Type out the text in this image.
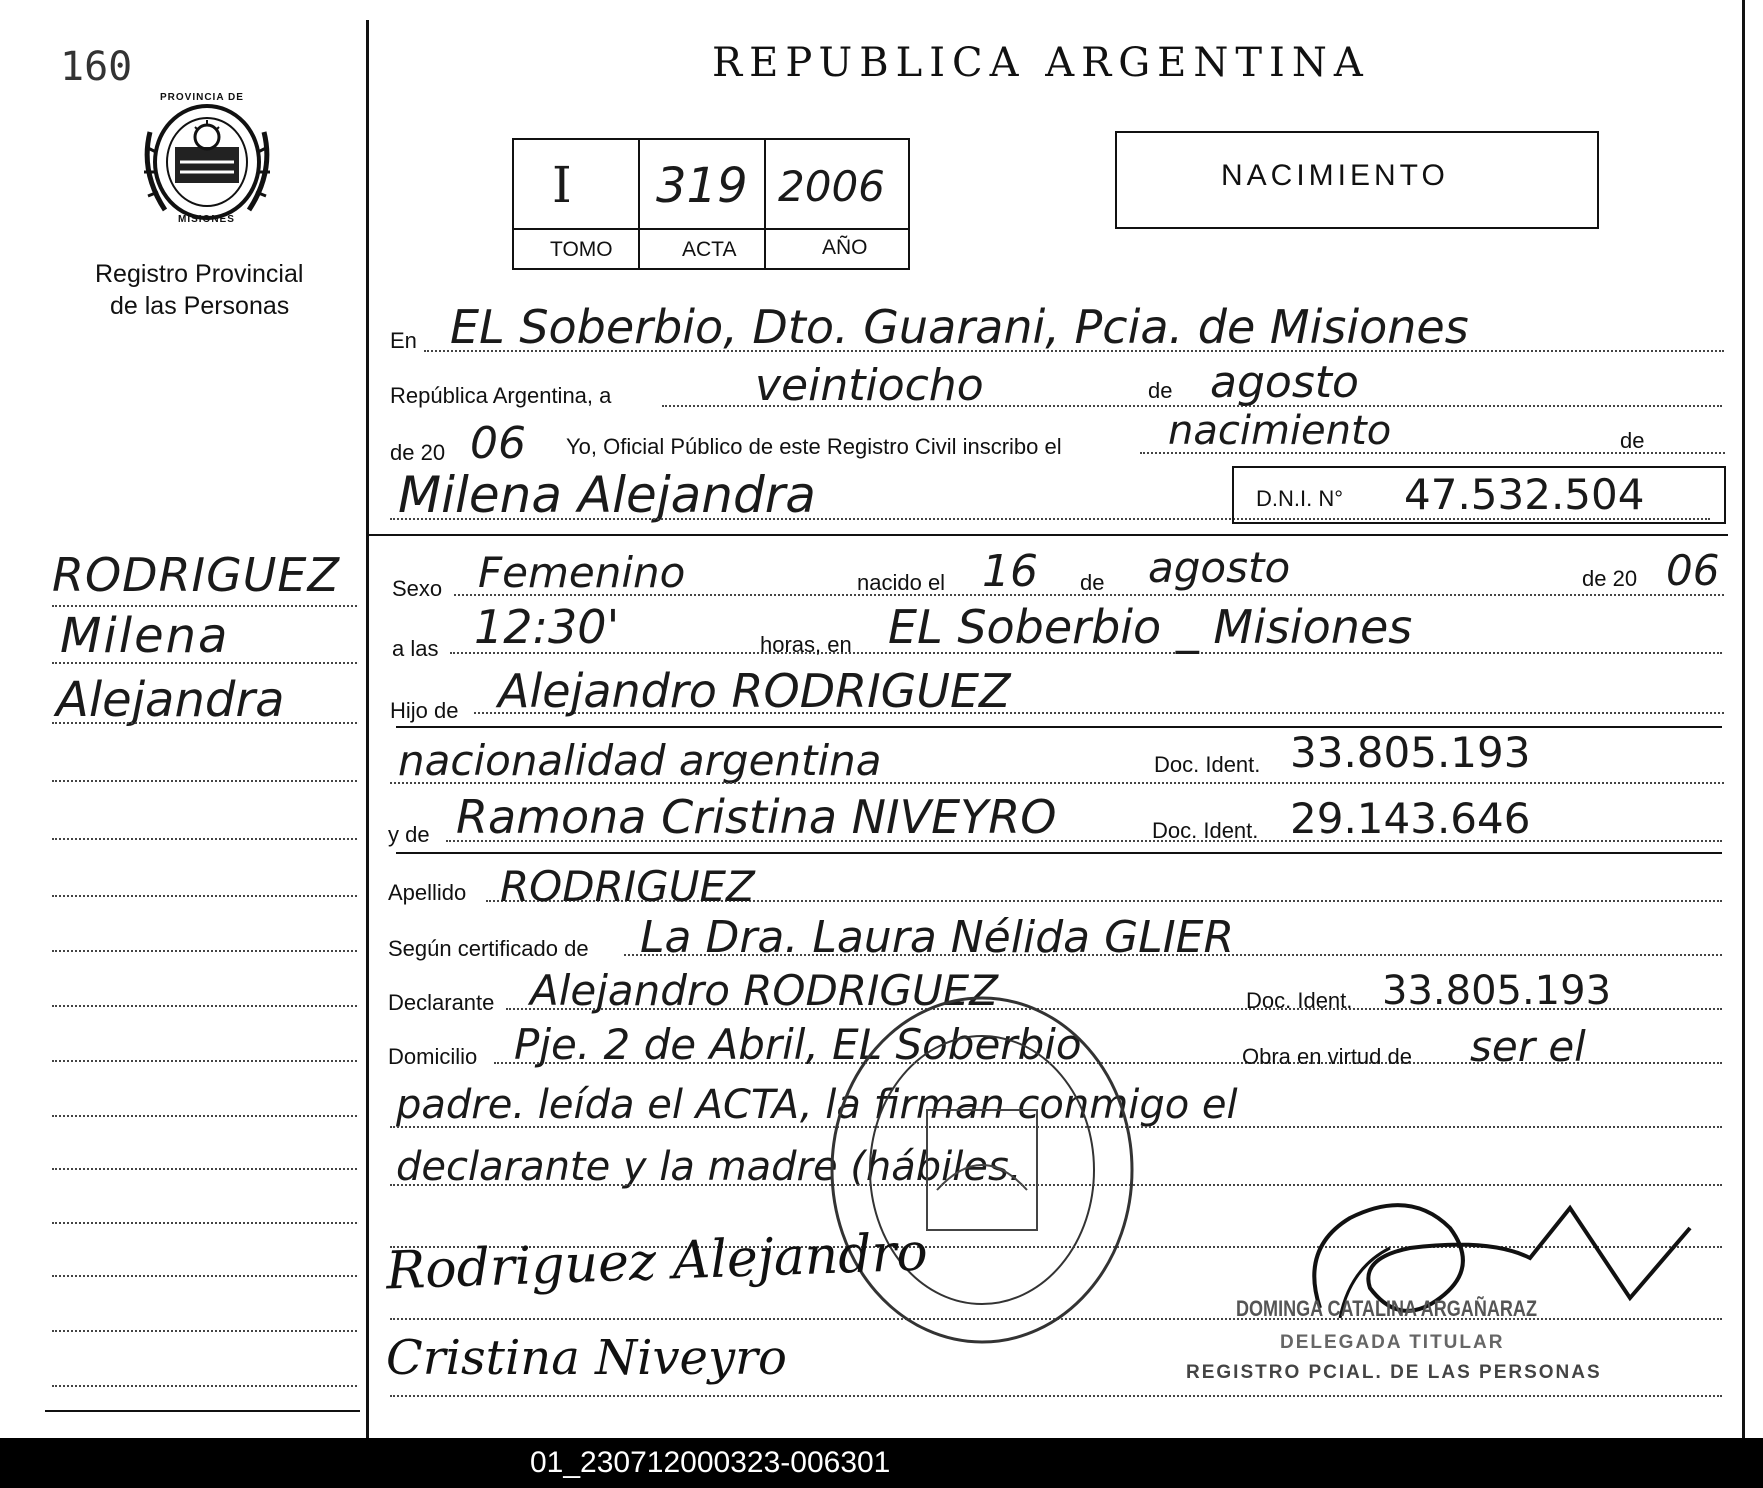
160
PROVINCIA DE
MISIONES
Registro Provincial
de las Personas
RODRIGUEZ
Milena
Alejandra
REPUBLICA ARGENTINA
I 319 2006
TOMO	ACTA	AÑO
NACIMIENTO
En EL Soberbio, Dto. Guarani, Pcia. de Misiones
República Argentina, a	veintiocho	de agosto
de 20 06 Yo, Oficial Público de este Registro Civil inscribo el	nacimiento	de
Milena Alejandra	D.N.I. N° 47.532.504
Sexo Femenino	nacido el 16 de agosto	de 20 06
a las 12:30'	horas, en EL Soberbio _ Misiones
Hijo de Alejandro RODRIGUEZ
nacionalidad argentina	Doc. Ident. 33.805.193
y de Ramona Cristina NIVEYRO	Doc. Ident. 29.143.646
Apellido RODRIGUEZ
Según certificado de La Dra. Laura Nélida GLIER
Declarante Alejandro RODRIGUEZ	Doc. Ident. 33.805.193
Domicilio Pje. 2 de Abril, EL Soberbio	Obra en virtud de ser el
padre. leída el ACTA, la firman conmigo el
declarante y la madre (hábiles.
Rodriguez Alejandro
Cristina Niveyro
DOMINGA CATALINA ARGAÑARAZ
DELEGADA TITULAR
REGISTRO PCIAL. DE LAS PERSONAS
01_230712000323-006301
